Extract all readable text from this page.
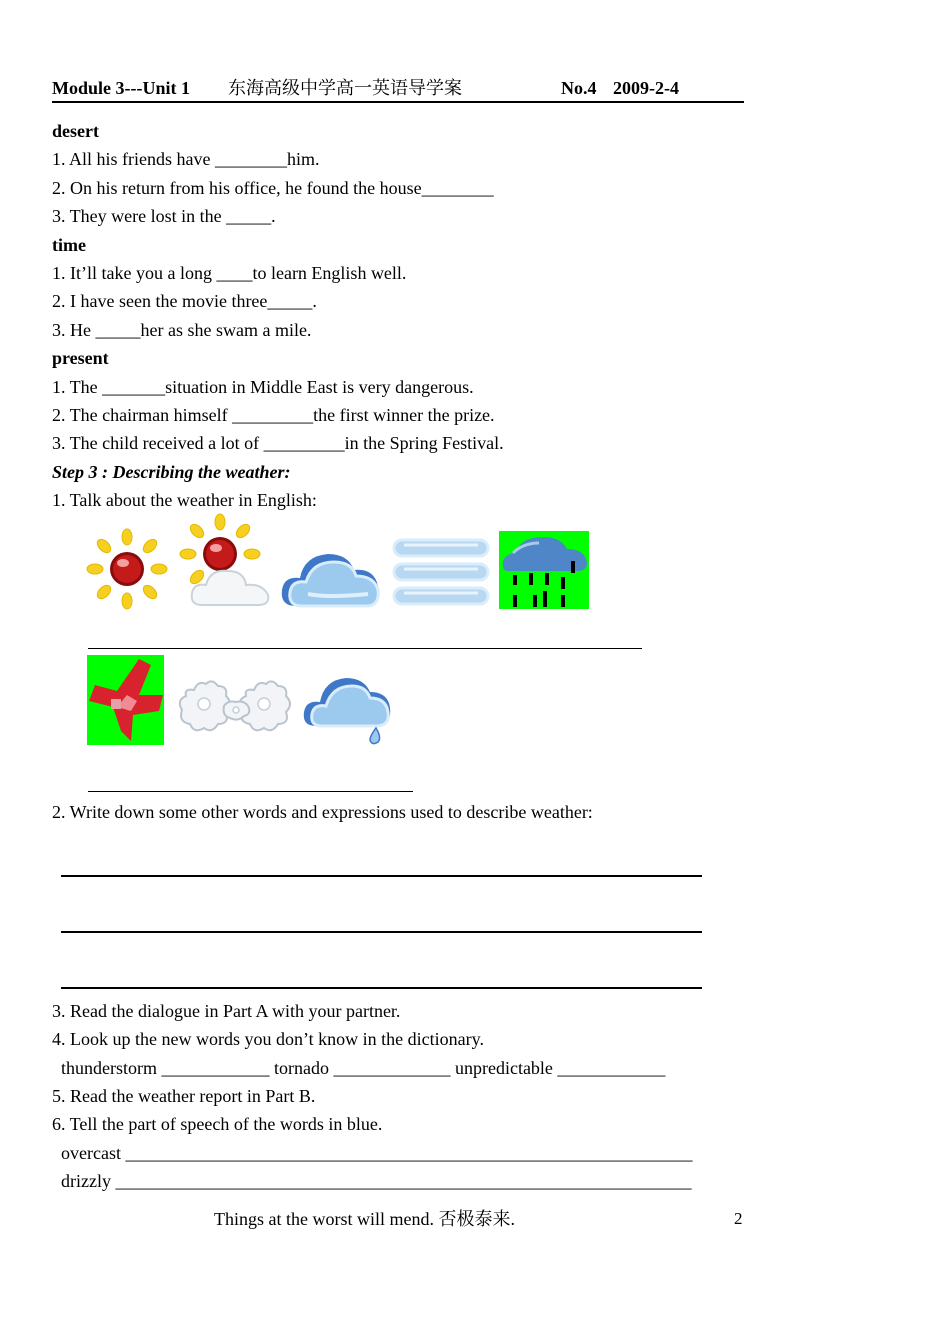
Module 3---Unit 1 东海高级中学高一英语导学案	No.4 2009-2-4
desert
1. All his friends have ________him.
2. On his return from his office, he found the house________
3. They were lost in the _____.
time
1. It’ll take you a long ____to learn English well.
2. I have seen the movie three_____.
3. He _____her as she swam a mile.
present
1. The _______situation in Middle East is very dangerous.
2. The chairman himself _________the first winner the prize.
3. The child received a lot of _________in the Spring Festival.
Step 3 : Describing the weather:
1. Talk about the weather in English:
2. Write down some other words and expressions used to describe weather:
3. Read the dialogue in Part A with your partner.
4. Look up the new words you don’t know in the dictionary.
thunderstorm ____________ tornado _____________ unpredictable ____________
5. Read the weather report in Part B.
6. Tell the part of speech of the words in blue.
overcast _______________________________________________________________
drizzly ________________________________________________________________
Things at the worst will mend. 否极泰来.	2
